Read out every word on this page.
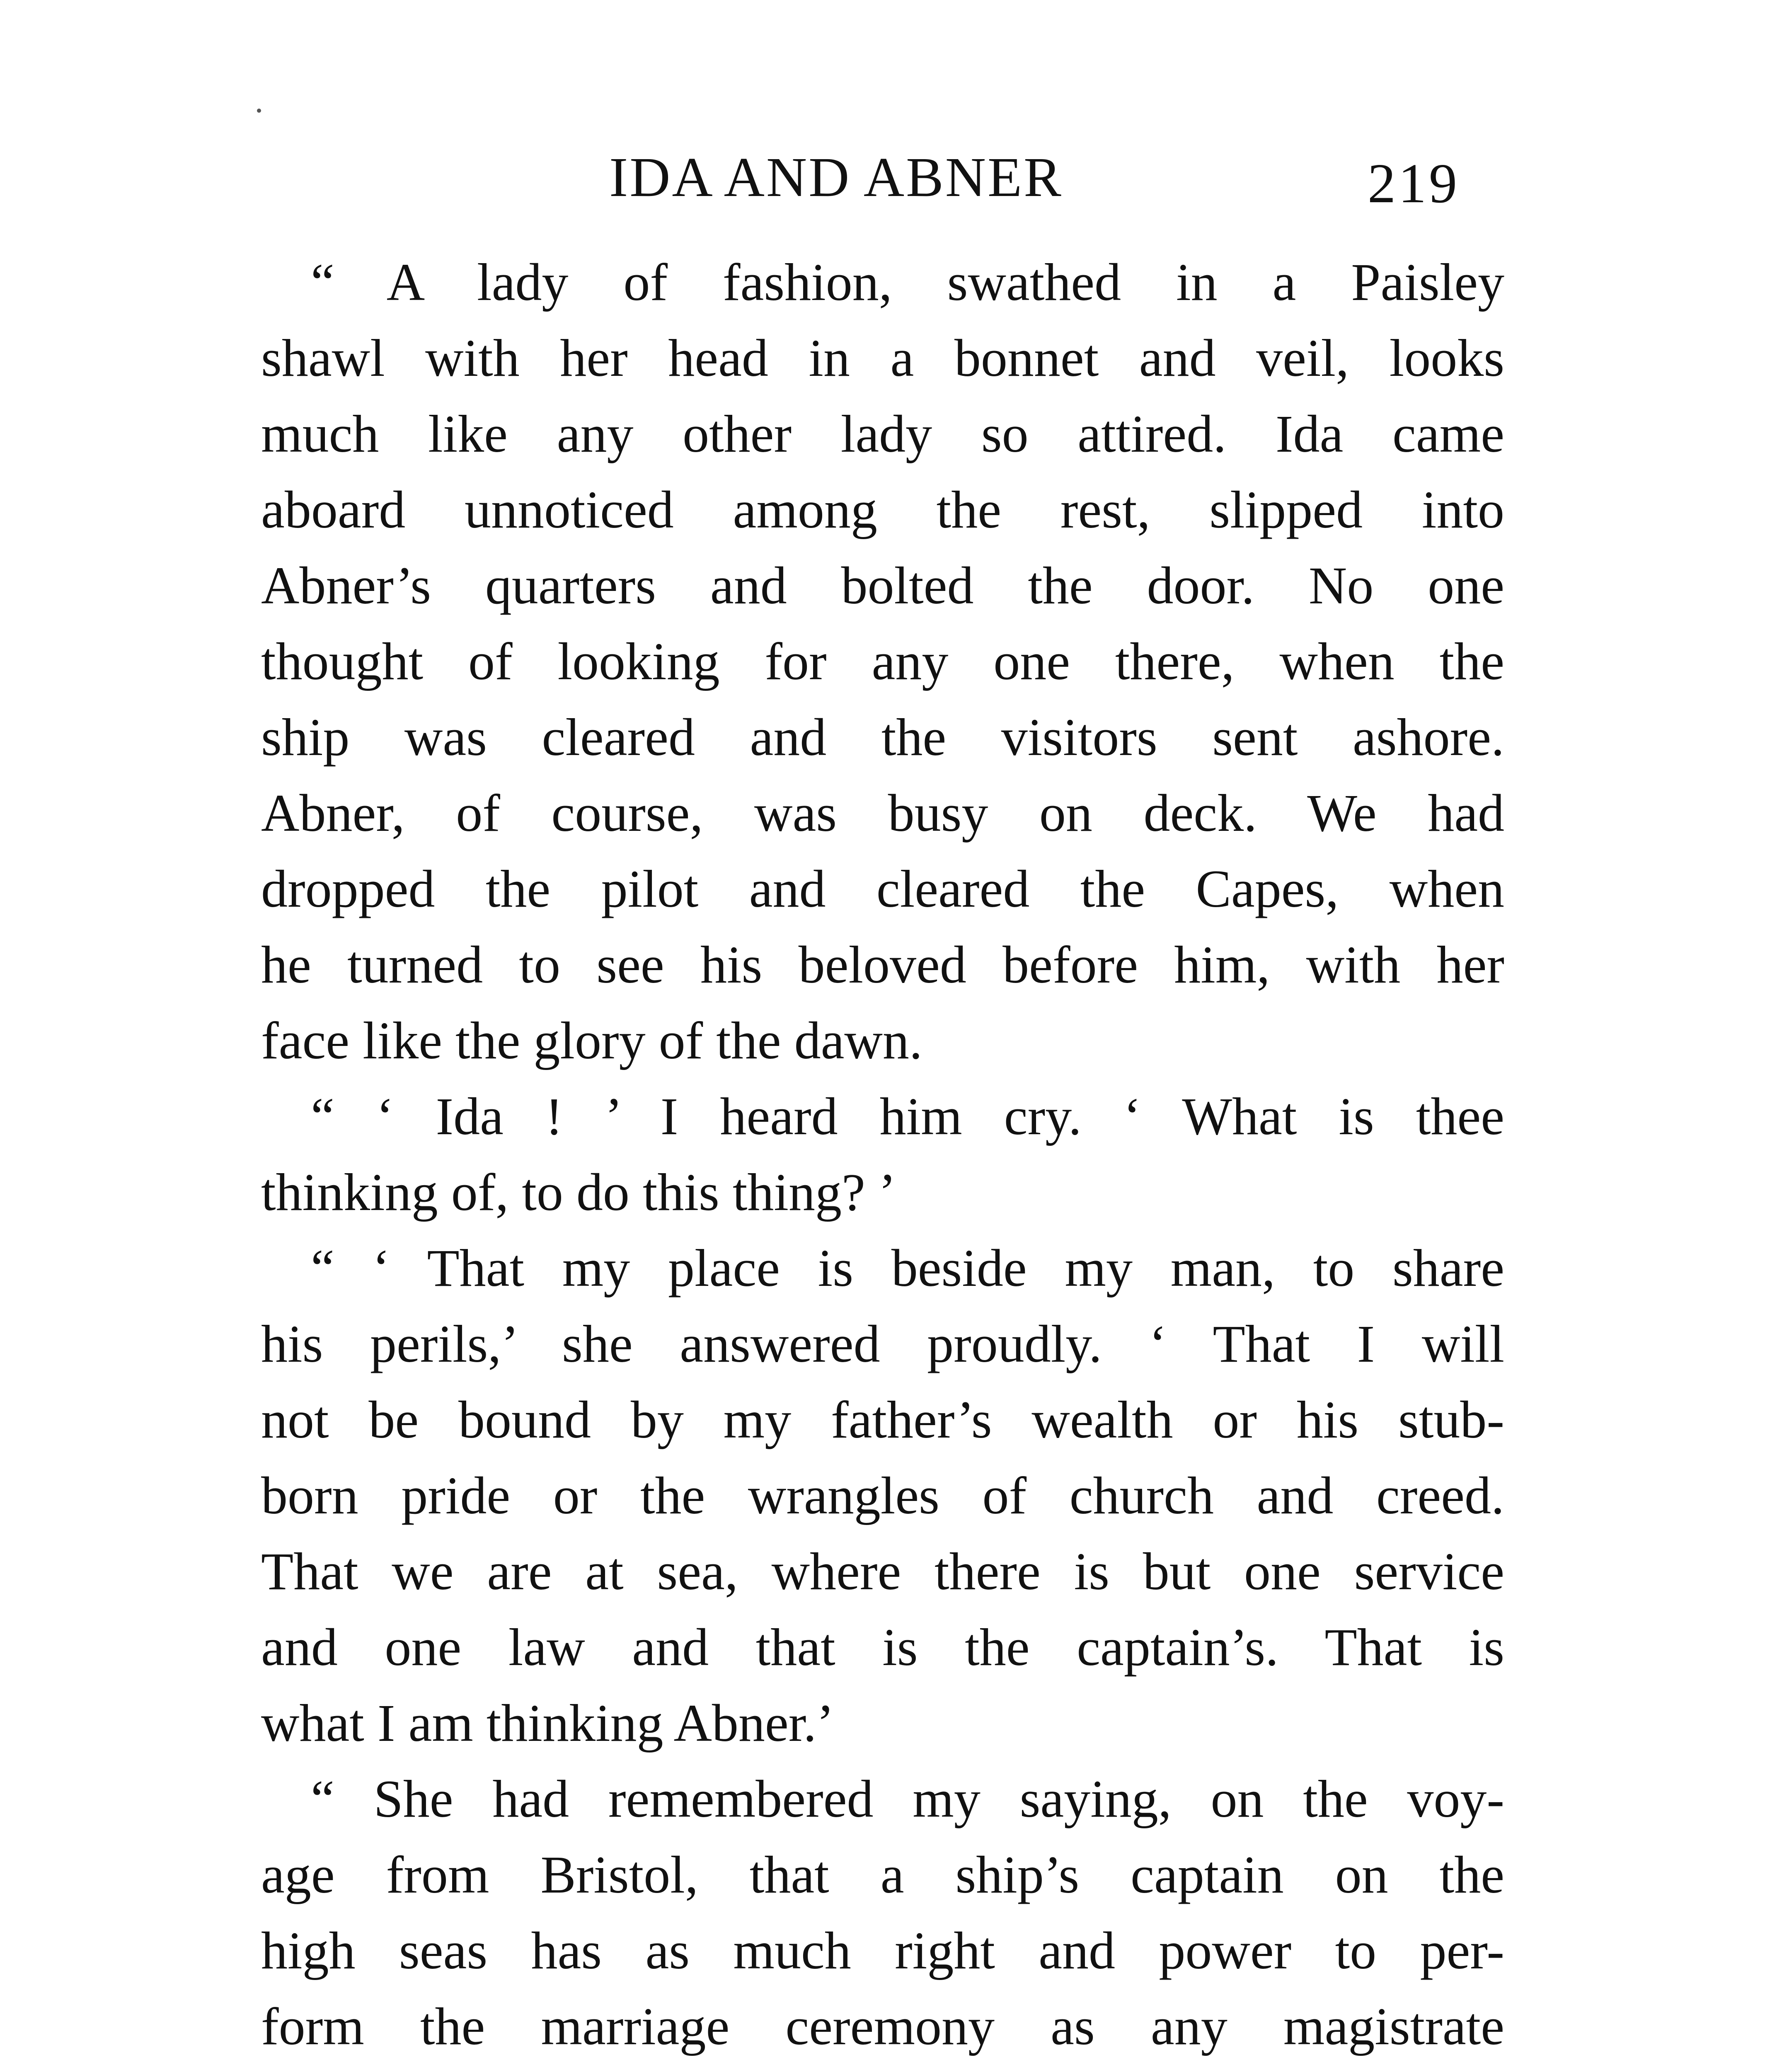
IDA AND ABNER	219

“ A lady of fashion, swathed in a Paisley
shawl with her head in a bonnet and veil, looks
much like any other lady so attired. Ida came
aboard unnoticed among the rest, slipped into
Abner’s quarters and bolted the door. No one
thought of looking for any one there, when the
ship was cleared and the visitors sent ashore.
Abner, of course, was busy on deck. We had
dropped the pilot and cleared the Capes, when
he turned to see his beloved before him, with her
face like the glory of the dawn.

“ ‘ Ida ! ’ I heard him cry. ‘ What is thee
thinking of, to do this thing? ’

“ ‘ That my place is beside my man, to share
his perils,’ she answered proudly. ‘ That I will
not be bound by my father’s wealth or his stub-
born pride or the wrangles of church and creed.
That we are at sea, where there is but one service
and one law and that is the captain’s. That is
what I am thinking Abner.’

“ She had remembered my saying, on the voy-
age from Bristol, that a ship’s captain on the
high seas has as much right and power to per-
form the marriage ceremony as any magistrate
